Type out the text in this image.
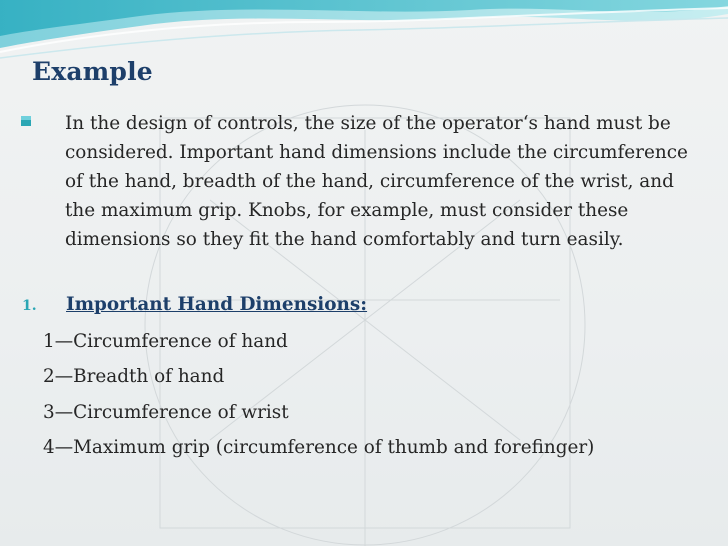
Example
In the design of controls, the size of the operator‘s hand must be considered. Important hand dimensions include the circumference of the hand, breadth of the hand, circumference of the wrist, and the maximum grip. Knobs, for example, must consider these dimensions so they fit the hand comfortably and turn easily.
1. Important Hand Dimensions:
1—Circumference of hand
2—Breadth of hand
3—Circumference of wrist
4—Maximum grip (circumference of thumb and forefinger)
